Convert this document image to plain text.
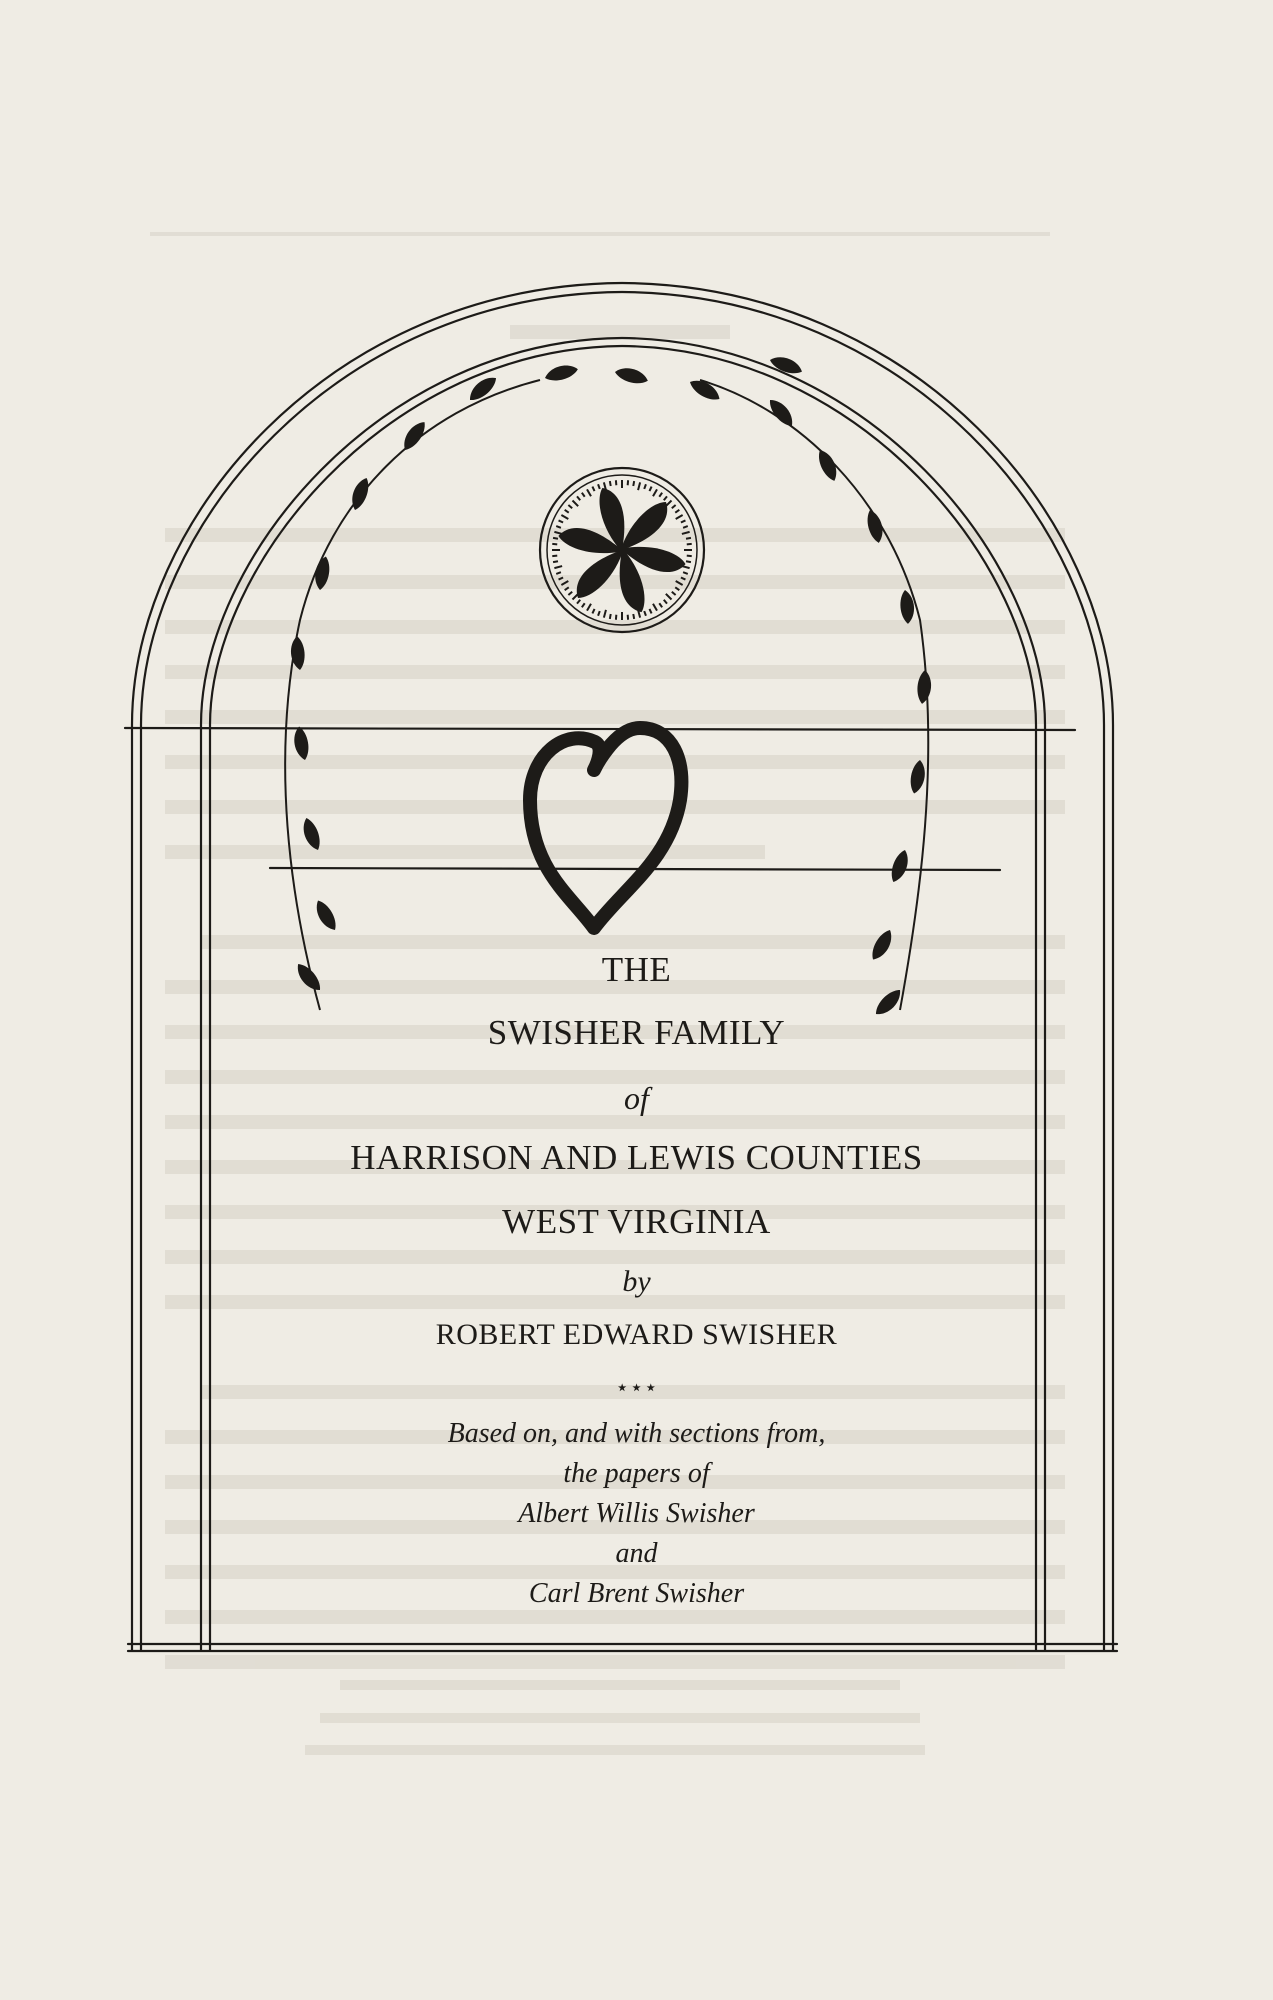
THE
SWISHER FAMILY
of
HARRISON AND LEWIS COUNTIES
WEST VIRGINIA
by
ROBERT EDWARD SWISHER
٭ ٭ ٭
Based on, and with sections from,
the papers of
Albert Willis Swisher
and
Carl Brent Swisher
